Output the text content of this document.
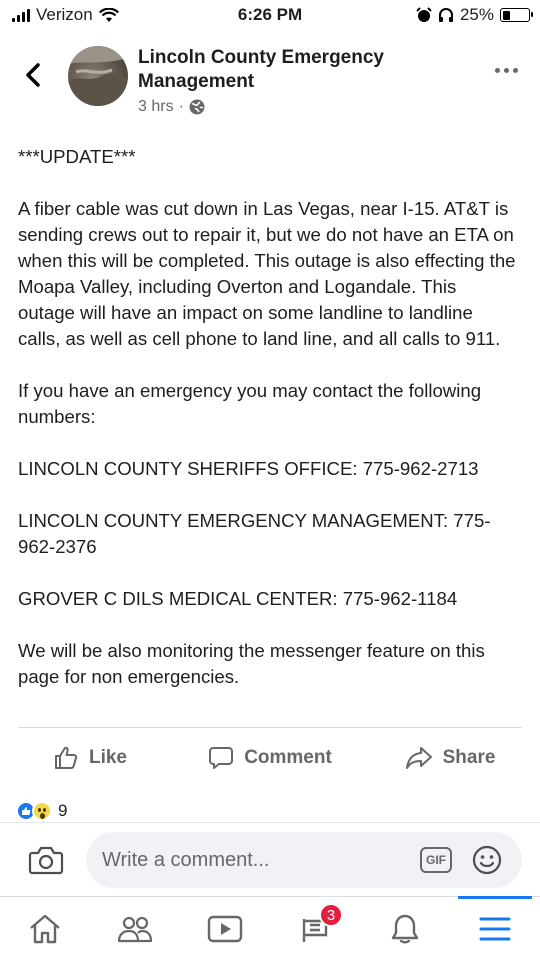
Verizon	6:26 PM	25%
Lincoln County Emergency Management
3 hrs ·

***UPDATE***

A fiber cable was cut down in Las Vegas, near I-15. AT&T is sending crews out to repair it, but we do not have an ETA on when this will be completed. This outage is also effecting the Moapa Valley, including Overton and Logandale. This outage will have an impact on some landline to landline calls, as well as cell phone to land line, and all calls to 911.

If you have an emergency you may contact the following numbers:

LINCOLN COUNTY SHERIFFS OFFICE: 775-962-2713

LINCOLN COUNTY EMERGENCY MANAGEMENT: 775-962-2376

GROVER C DILS MEDICAL CENTER: 775-962-1184

We will be also monitoring the messenger feature on this page for non emergencies.

Like	Comment	Share
9
Write a comment...
GIF
3
